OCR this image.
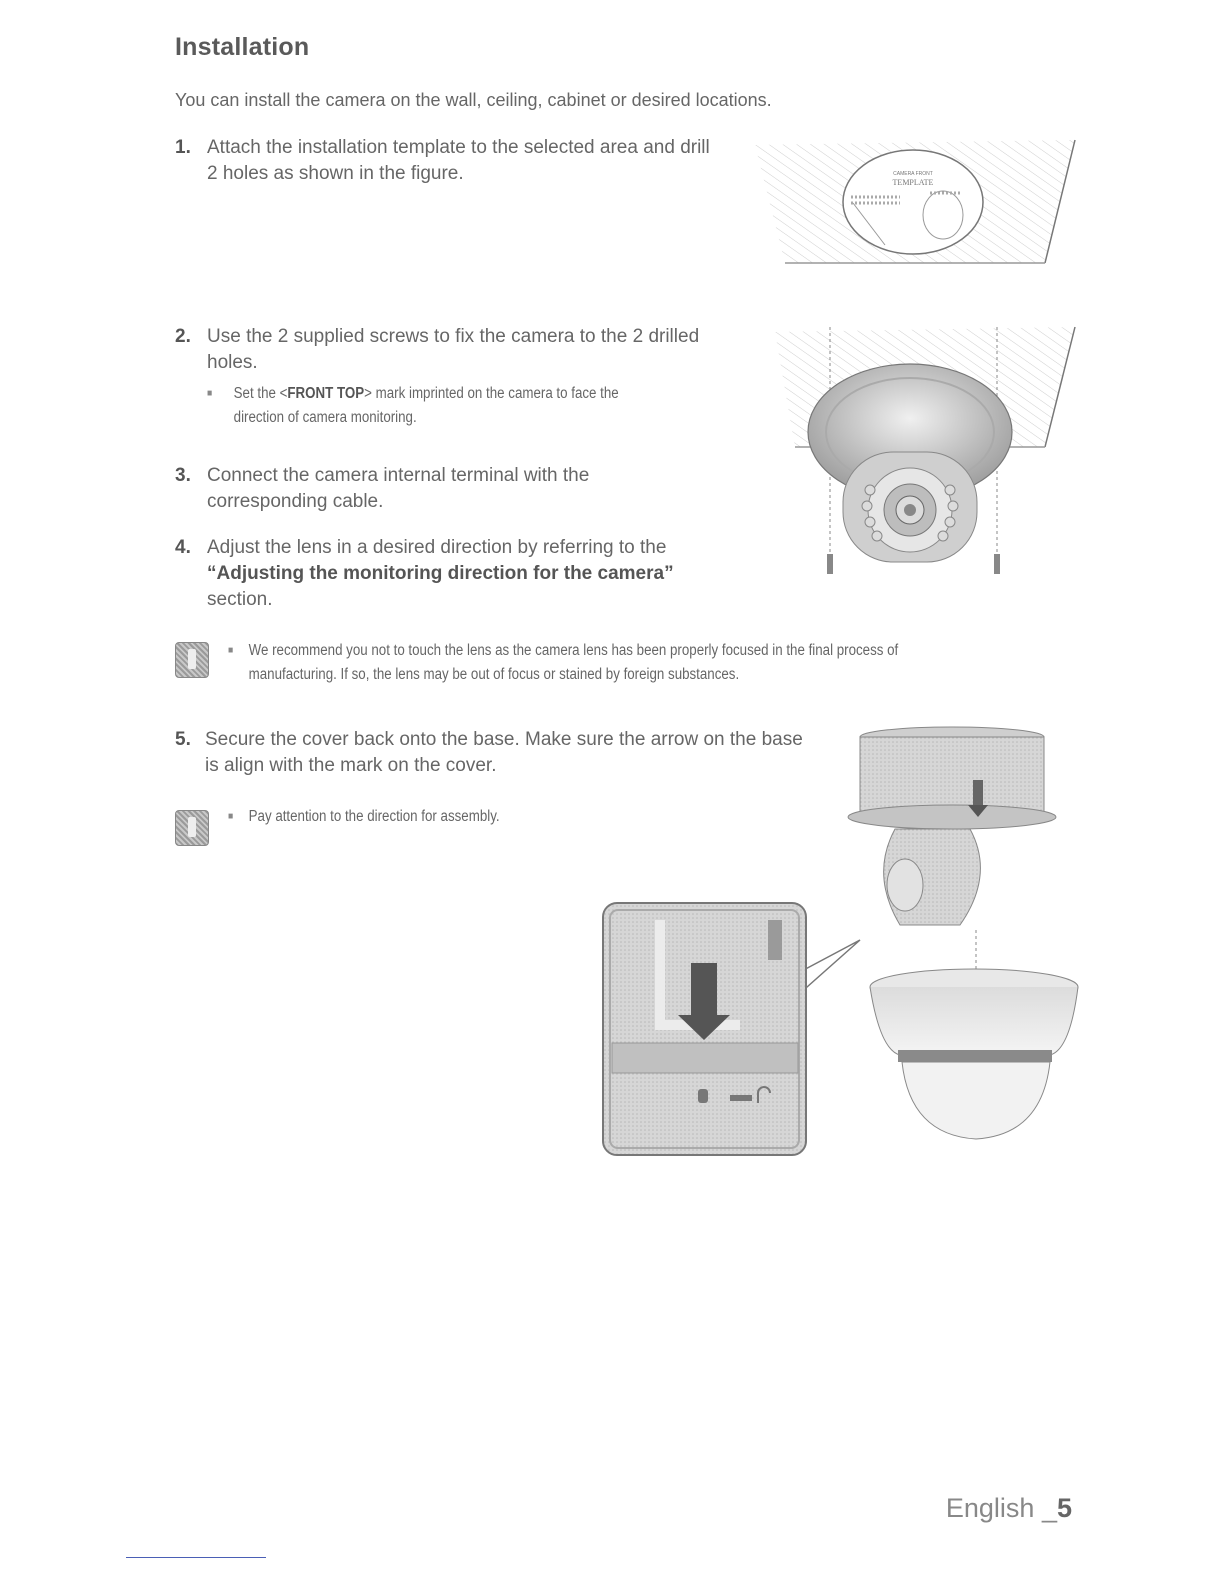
Installation
You can install the camera on the wall, ceiling, cabinet or desired locations.
1. Attach the installation template to the selected area and drill
2 holes as shown in the figure.
2. Use the 2 supplied screws to fix the camera to the 2 drilled
holes.
■ Set the <FRONT TOP> mark imprinted on the camera to face the
direction of camera monitoring.
3. Connect the camera internal terminal with the
corresponding cable.
4. Adjust the lens in a desired direction by referring to the
“Adjusting the monitoring direction for the camera”
section.
■ We recommend you not to touch the lens as the camera lens has been properly focused in the final process of
manufacturing. If so, the lens may be out of focus or stained by foreign substances.
5. Secure the cover back onto the base. Make sure the arrow on the base
is align with the mark on the cover.
■ Pay attention to the direction for assembly.
CAMERA FRONT
TEMPLATE
English _5
